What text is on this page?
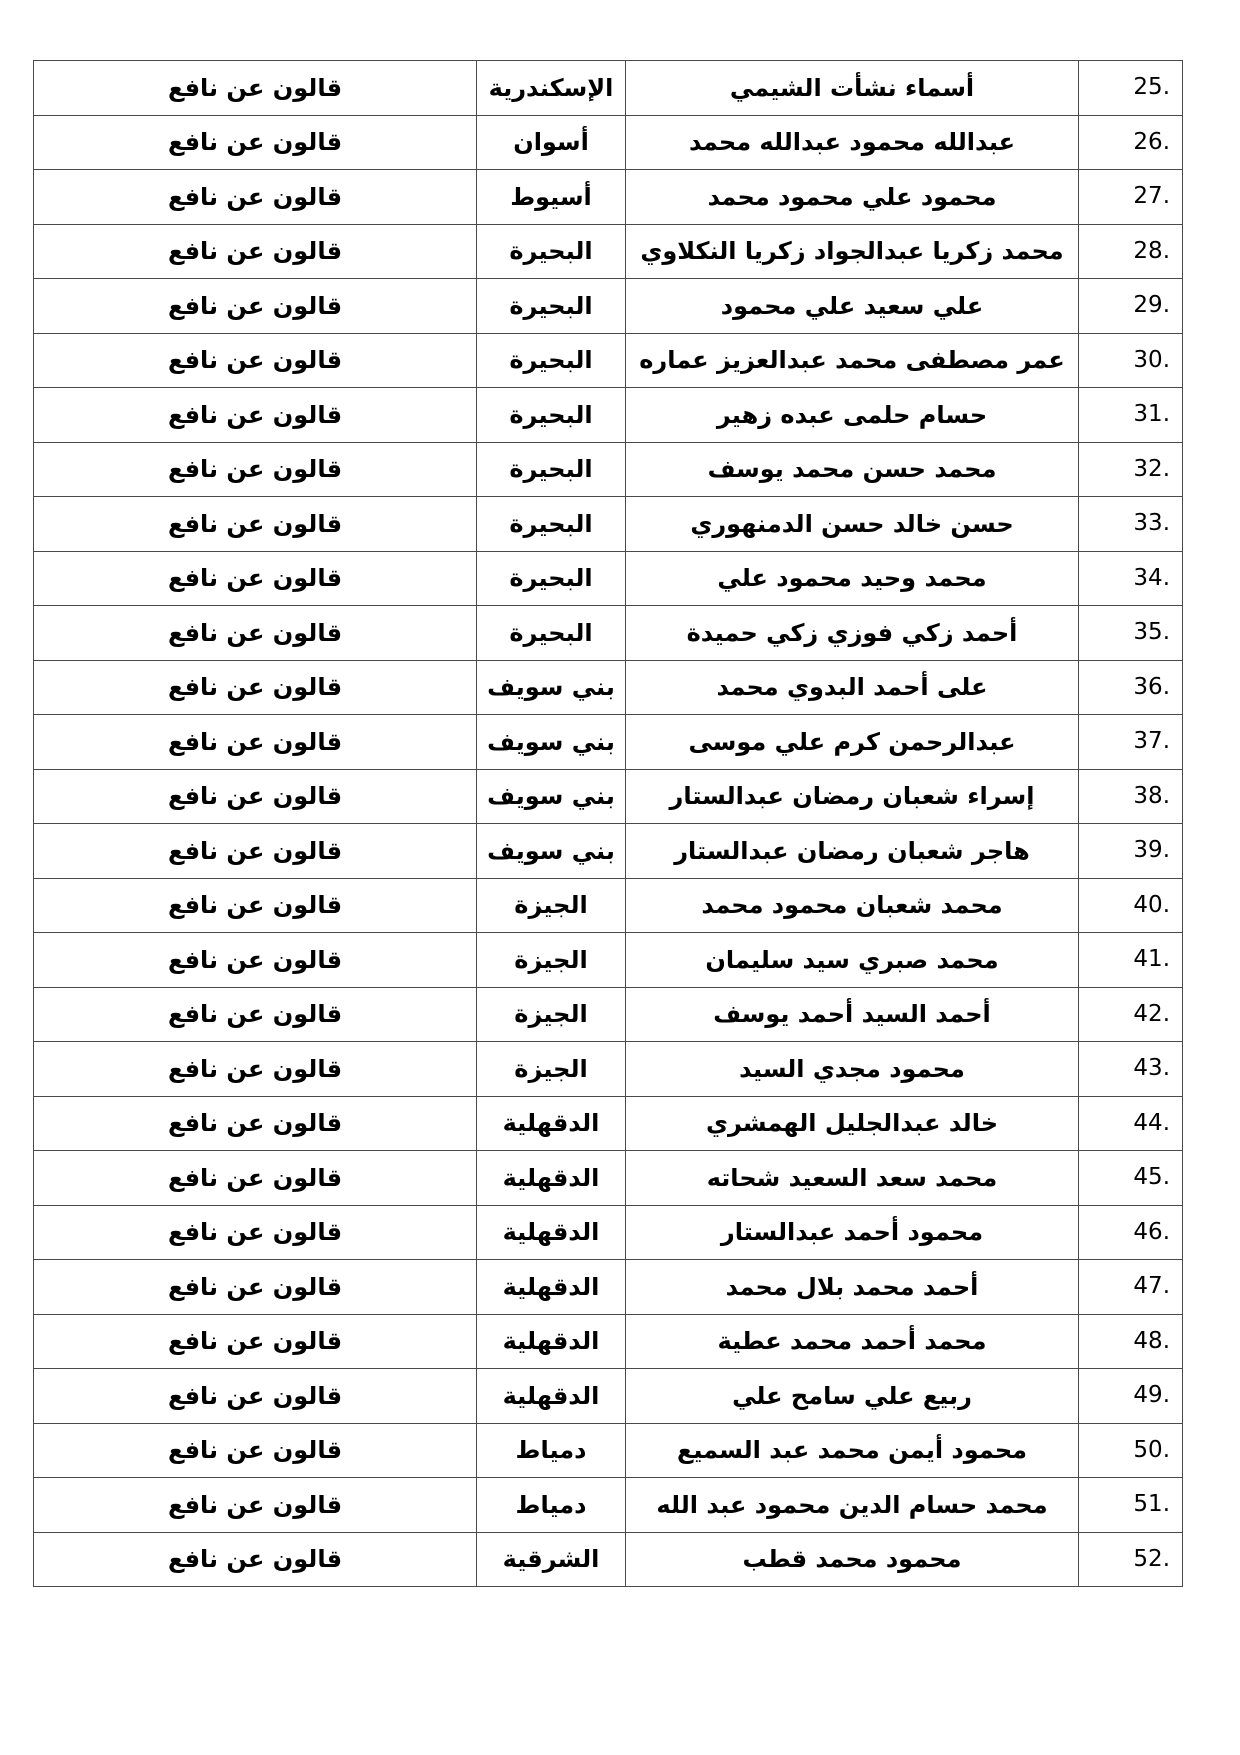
قالون عن نافع	الإسكندرية	أسماء نشأت الشيمي	25.
قالون عن نافع	أسوان	عبدالله محمود عبدالله محمد	26.
قالون عن نافع	أسيوط	محمود علي محمود محمد	27.
قالون عن نافع	البحيرة	محمد زكريا عبدالجواد زكريا النكلاوي	28.
قالون عن نافع	البحيرة	علي سعيد علي محمود	29.
قالون عن نافع	البحيرة	عمر مصطفى محمد عبدالعزيز عماره	30.
قالون عن نافع	البحيرة	حسام حلمى عبده زهير	31.
قالون عن نافع	البحيرة	محمد حسن محمد يوسف	32.
قالون عن نافع	البحيرة	حسن خالد حسن الدمنهوري	33.
قالون عن نافع	البحيرة	محمد وحيد محمود علي	34.
قالون عن نافع	البحيرة	أحمد زكي فوزي زكي حميدة	35.
قالون عن نافع	بني سويف	على أحمد البدوي محمد	36.
قالون عن نافع	بني سويف	عبدالرحمن كرم علي موسى	37.
قالون عن نافع	بني سويف	إسراء شعبان رمضان عبدالستار	38.
قالون عن نافع	بني سويف	هاجر شعبان رمضان عبدالستار	39.
قالون عن نافع	الجيزة	محمد شعبان محمود محمد	40.
قالون عن نافع	الجيزة	محمد صبري سيد سليمان	41.
قالون عن نافع	الجيزة	أحمد السيد أحمد يوسف	42.
قالون عن نافع	الجيزة	محمود مجدي السيد	43.
قالون عن نافع	الدقهلية	خالد عبدالجليل الهمشري	44.
قالون عن نافع	الدقهلية	محمد سعد السعيد شحاته	45.
قالون عن نافع	الدقهلية	محمود أحمد عبدالستار	46.
قالون عن نافع	الدقهلية	أحمد محمد بلال محمد	47.
قالون عن نافع	الدقهلية	محمد أحمد محمد عطية	48.
قالون عن نافع	الدقهلية	ربيع علي سامح علي	49.
قالون عن نافع	دمياط	محمود أيمن محمد عبد السميع	50.
قالون عن نافع	دمياط	محمد حسام الدين محمود عبد الله	51.
قالون عن نافع	الشرقية	محمود محمد قطب	52.
